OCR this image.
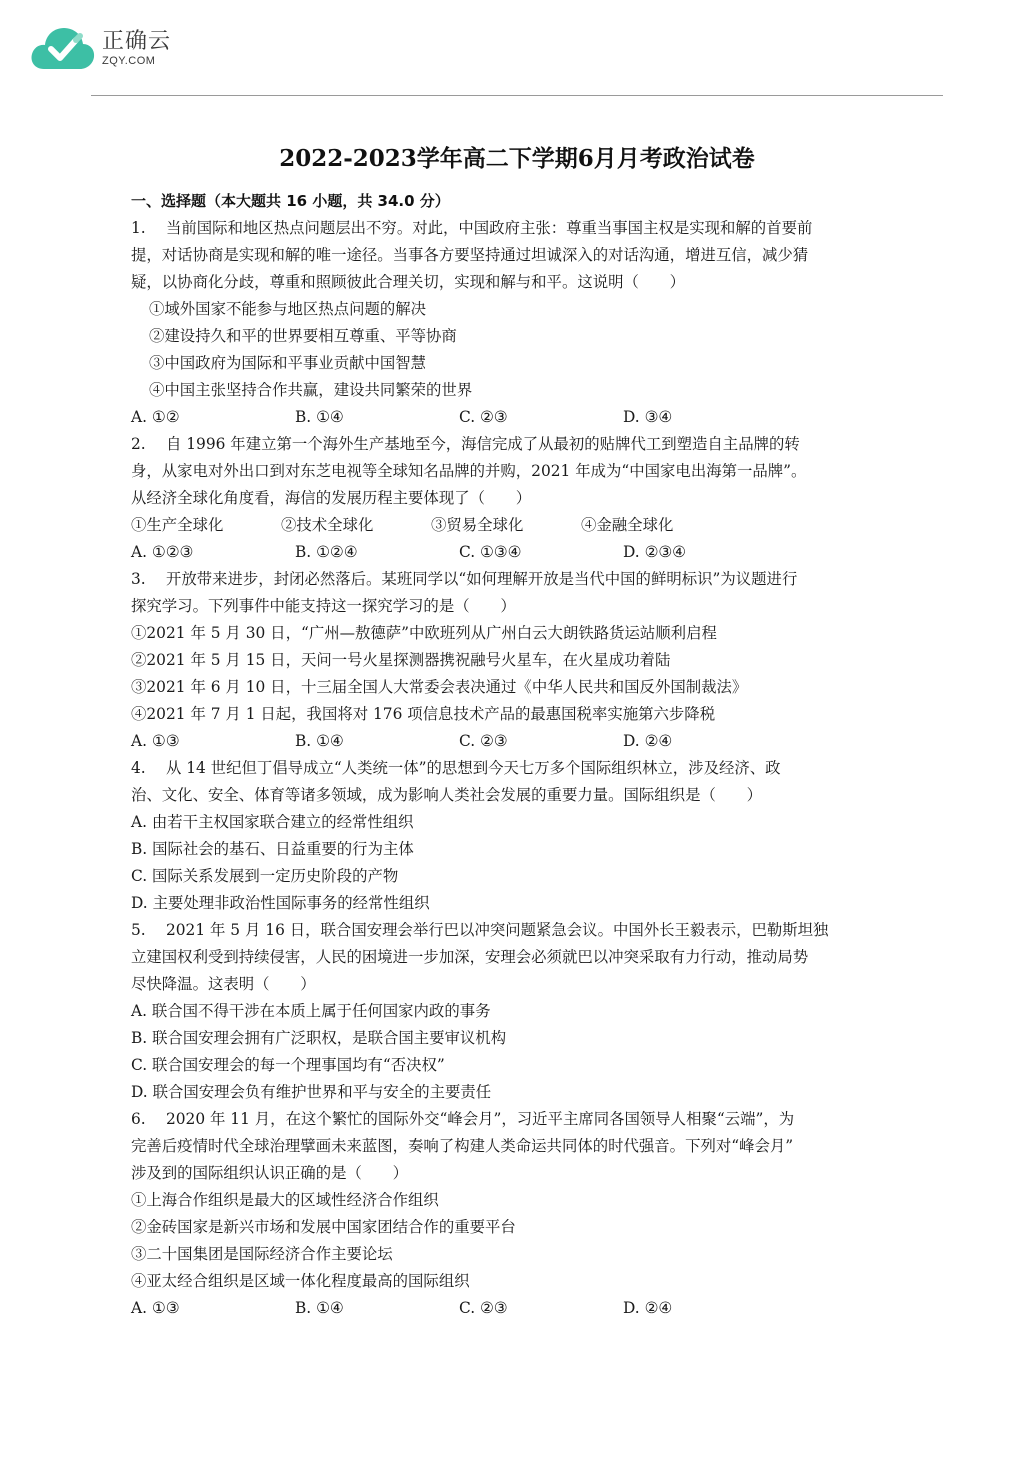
正确云
ZQY.COM
2022-2023学年高二下学期6月月考政治试卷
一、选择题（本大题共 16 小题，共 34.0 分）
1.　 当前国际和地区热点问题层出不穷。对此，中国政府主张：尊重当事国主权是实现和解的首要前
提，对话协商是实现和解的唯一途径。当事各方要坚持通过坦诚深入的对话沟通，增进互信，减少猜
疑，以协商化分歧，尊重和照顾彼此合理关切，实现和解与和平。这说明（　　）
①域外国家不能参与地区热点问题的解决
②建设持久和平的世界要相互尊重、平等协商
③中国政府为国际和平事业贡献中国智慧
④中国主张坚持合作共赢，建设共同繁荣的世界
A. ①②	B. ①④	C. ②③	D. ③④
2.　 自 1996 年建立第一个海外生产基地至今，海信完成了从最初的贴牌代工到塑造自主品牌的转
身，从家电对外出口到对东芝电视等全球知名品牌的并购，2021 年成为“中国家电出海第一品牌”。
从经济全球化角度看，海信的发展历程主要体现了（　　）
①生产全球化	②技术全球化	③贸易全球化	④金融全球化
A. ①②③	B. ①②④	C. ①③④	D. ②③④
3.　 开放带来进步，封闭必然落后。某班同学以“如何理解开放是当代中国的鲜明标识”为议题进行
探究学习。下列事件中能支持这一探究学习的是（　　）
①2021 年 5 月 30 日，“广州—敖德萨”中欧班列从广州白云大朗铁路货运站顺利启程
②2021 年 5 月 15 日，天问一号火星探测器携祝融号火星车，在火星成功着陆
③2021 年 6 月 10 日，十三届全国人大常委会表决通过《中华人民共和国反外国制裁法》
④2021 年 7 月 1 日起，我国将对 176 项信息技术产品的最惠国税率实施第六步降税
A. ①③	B. ①④	C. ②③	D. ②④
4.　 从 14 世纪但丁倡导成立“人类统一体”的思想到今天七万多个国际组织林立，涉及经济、政
治、文化、安全、体育等诸多领域，成为影响人类社会发展的重要力量。国际组织是（　　）
A. 由若干主权国家联合建立的经常性组织
B. 国际社会的基石、日益重要的行为主体
C. 国际关系发展到一定历史阶段的产物
D. 主要处理非政治性国际事务的经常性组织
5.　 2021 年 5 月 16 日，联合国安理会举行巴以冲突问题紧急会议。中国外长王毅表示，巴勒斯坦独
立建国权利受到持续侵害，人民的困境进一步加深，安理会必须就巴以冲突采取有力行动，推动局势
尽快降温。这表明（　　）
A. 联合国不得干涉在本质上属于任何国家内政的事务
B. 联合国安理会拥有广泛职权，是联合国主要审议机构
C. 联合国安理会的每一个理事国均有“否决权”
D. 联合国安理会负有维护世界和平与安全的主要责任
6.　 2020 年 11 月，在这个繁忙的国际外交“峰会月”，习近平主席同各国领导人相聚“云端”，为
完善后疫情时代全球治理擘画未来蓝图，奏响了构建人类命运共同体的时代强音。下列对“峰会月”
涉及到的国际组织认识正确的是（　　）
①上海合作组织是最大的区域性经济合作组织
②金砖国家是新兴市场和发展中国家团结合作的重要平台
③二十国集团是国际经济合作主要论坛
④亚太经合组织是区域一体化程度最高的国际组织
A. ①③	B. ①④	C. ②③	D. ②④
